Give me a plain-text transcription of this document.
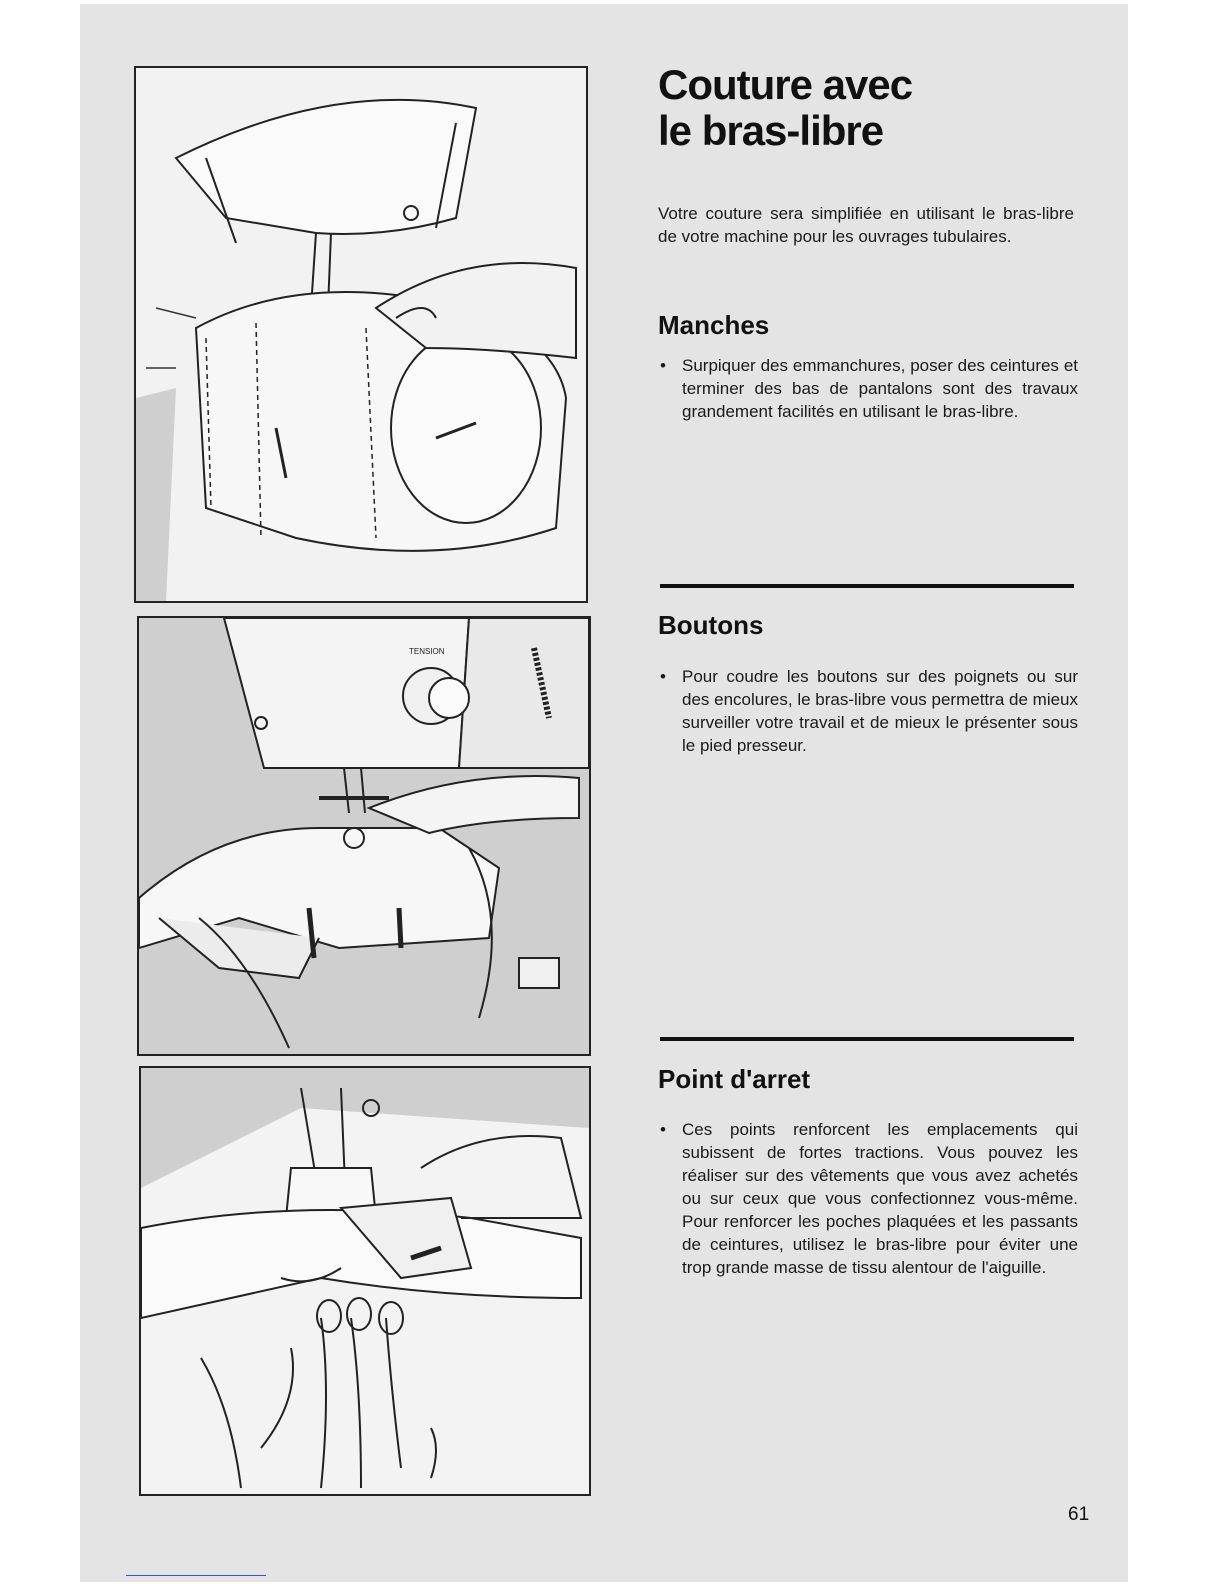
TENSION
Couture avec
le bras-libre
Votre couture sera simplifiée en utilisant le bras-libre de votre machine pour les ouvrages tubulaires.
Manches
• Surpiquer des emmanchures, poser des ceintures et terminer des bas de pantalons sont des travaux grandement facilités en utilisant le bras-libre.
Boutons
• Pour coudre les boutons sur des poignets ou sur des encolures, le bras-libre vous permettra de mieux surveiller votre travail et de mieux le présenter sous le pied presseur.
Point d'arret
• Ces points renforcent les emplacements qui subissent de fortes tractions. Vous pouvez les réaliser sur des vêtements que vous avez achetés ou sur ceux que vous confectionnez vous-même. Pour renforcer les poches plaquées et les passants de ceintures, utilisez le bras-libre pour éviter une trop grande masse de tissu alentour de l'aiguille.
61
